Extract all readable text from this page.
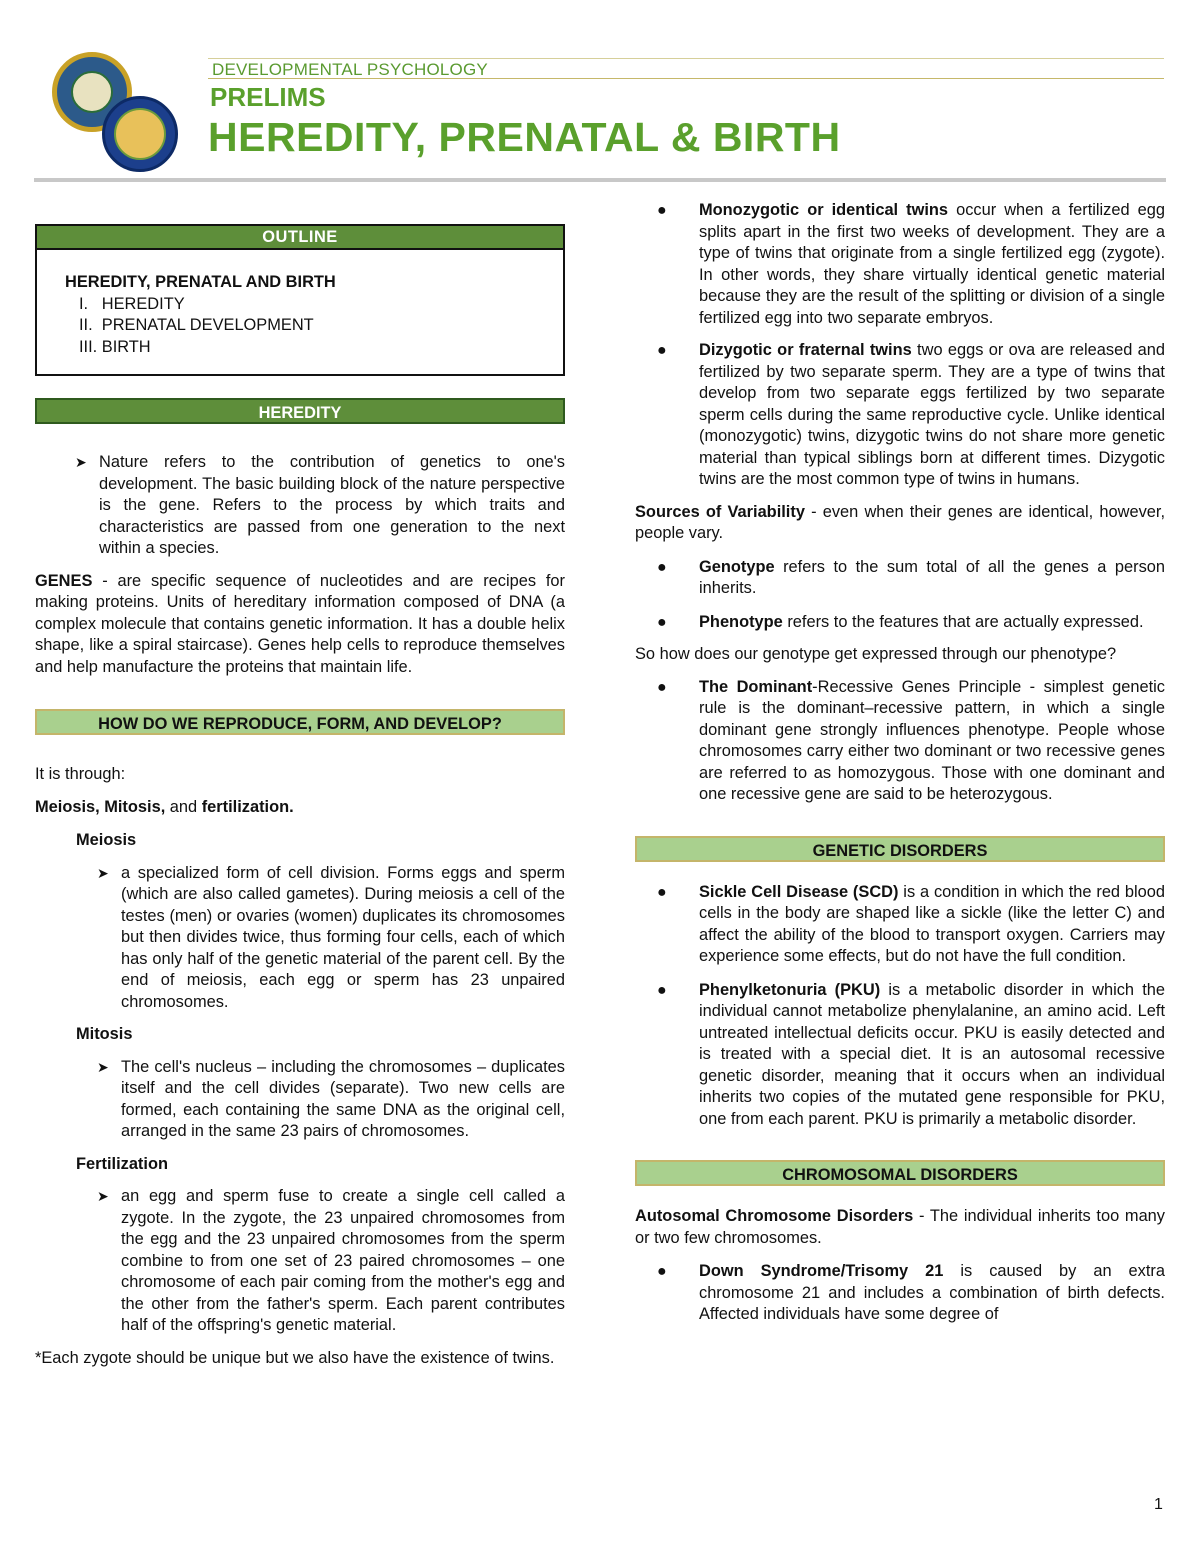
DEVELOPMENTAL PSYCHOLOGY
PRELIMS
HEREDITY, PRENATAL & BIRTH
OUTLINE
HEREDITY, PRENATAL AND BIRTH
I.   HEREDITY
II.  PRENATAL DEVELOPMENT
III. BIRTH
HEREDITY

➤ Nature refers to the contribution of genetics to one's development. The basic building block of the nature perspective is the gene. Refers to the process by which traits and characteristics are passed from one generation to the next within a species.

GENES - are specific sequence of nucleotides and are recipes for making proteins. Units of hereditary information composed of DNA (a complex molecule that contains genetic information. It has a double helix shape, like a spiral staircase). Genes help cells to reproduce themselves and help manufacture the proteins that maintain life.

HOW DO WE REPRODUCE, FORM, AND DEVELOP?

It is through:

Meiosis, Mitosis, and fertilization.

Meiosis

➤ a specialized form of cell division. Forms eggs and sperm (which are also called gametes). During meiosis a cell of the testes (men) or ovaries (women) duplicates its chromosomes but then divides twice, thus forming four cells, each of which has only half of the genetic material of the parent cell. By the end of meiosis, each egg or sperm has 23 unpaired chromosomes.

Mitosis

➤ The cell's nucleus – including the chromosomes – duplicates itself and the cell divides (separate). Two new cells are formed, each containing the same DNA as the original cell, arranged in the same 23 pairs of chromosomes.

Fertilization

➤ an egg and sperm fuse to create a single cell called a zygote. In the zygote, the 23 unpaired chromosomes from the egg and the 23 unpaired chromosomes from the sperm combine to from one set of 23 paired chromosomes – one chromosome of each pair coming from the mother's egg and the other from the father's sperm. Each parent contributes half of the offspring's genetic material.

*Each zygote should be unique but we also have the existence of twins.

● Monozygotic or identical twins occur when a fertilized egg splits apart in the first two weeks of development. They are a type of twins that originate from a single fertilized egg (zygote). In other words, they share virtually identical genetic material because they are the result of the splitting or division of a single fertilized egg into two separate embryos.

● Dizygotic or fraternal twins two eggs or ova are released and fertilized by two separate sperm. They are a type of twins that develop from two separate eggs fertilized by two separate sperm cells during the same reproductive cycle. Unlike identical (monozygotic) twins, dizygotic twins do not share more genetic material than typical siblings born at different times. Dizygotic twins are the most common type of twins in humans.

Sources of Variability - even when their genes are identical, however, people vary.

● Genotype refers to the sum total of all the genes a person inherits.

● Phenotype refers to the features that are actually expressed.

So how does our genotype get expressed through our phenotype?

● The Dominant-Recessive Genes Principle - simplest genetic rule is the dominant–recessive pattern, in which a single dominant gene strongly influences phenotype. People whose chromosomes carry either two dominant or two recessive genes are referred to as homozygous. Those with one dominant and one recessive gene are said to be heterozygous.

GENETIC DISORDERS

● Sickle Cell Disease (SCD) is a condition in which the red blood cells in the body are shaped like a sickle (like the letter C) and affect the ability of the blood to transport oxygen. Carriers may experience some effects, but do not have the full condition.

● Phenylketonuria (PKU) is a metabolic disorder in which the individual cannot metabolize phenylalanine, an amino acid. Left untreated intellectual deficits occur. PKU is easily detected and is treated with a special diet. It is an autosomal recessive genetic disorder, meaning that it occurs when an individual inherits two copies of the mutated gene responsible for PKU, one from each parent. PKU is primarily a metabolic disorder.

CHROMOSOMAL DISORDERS

Autosomal Chromosome Disorders - The individual inherits too many or two few chromosomes.

● Down Syndrome/Trisomy 21 is caused by an extra chromosome 21 and includes a combination of birth defects. Affected individuals have some degree of

1
